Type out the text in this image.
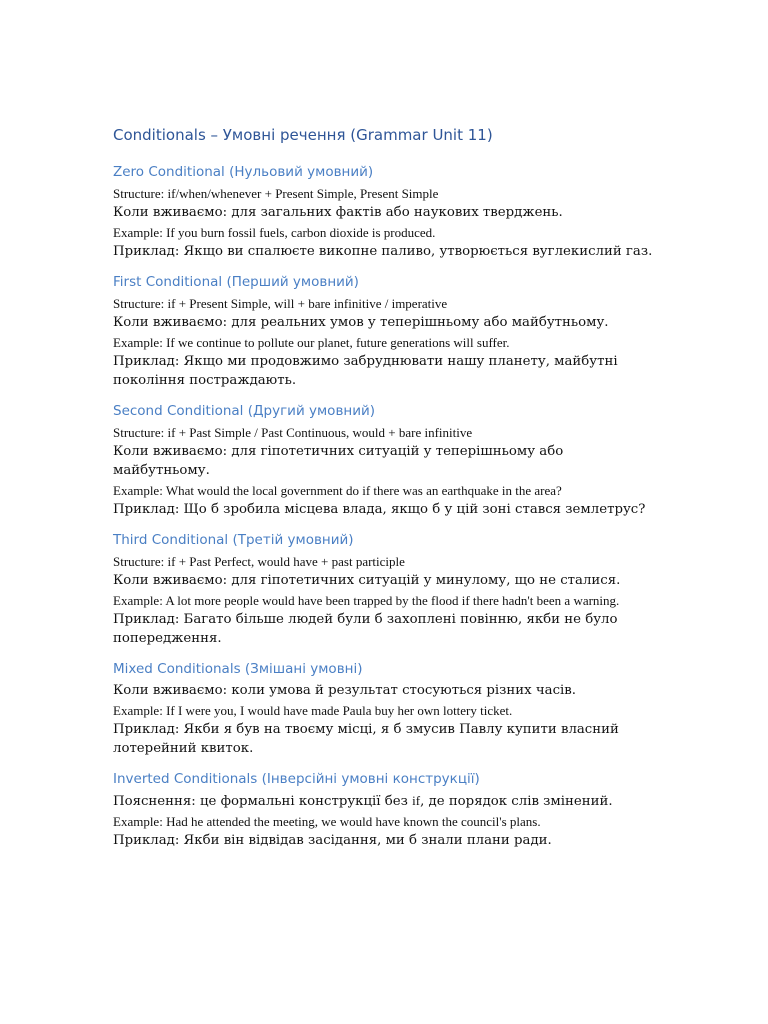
Conditionals – Умовні речення (Grammar Unit 11)
Zero Conditional (Нульовий умовний)

Structure: if/when/whenever + Present Simple, Present Simple

Коли вживаємо: для загальних фактів або наукових тверджень.

Example: If you burn fossil fuels, carbon dioxide is produced.

Приклад: Якщо ви спалюєте викопне паливо, утворюється вуглекислий газ.

First Conditional (Перший умовний)

Structure: if + Present Simple, will + bare infinitive / imperative

Коли вживаємо: для реальних умов у теперішньому або майбутньому.

Example: If we continue to pollute our planet, future generations will suffer.

Приклад: Якщо ми продовжимо забруднювати нашу планету, майбутні покоління постраждають.

Second Conditional (Другий умовний)

Structure: if + Past Simple / Past Continuous, would + bare infinitive

Коли вживаємо: для гіпотетичних ситуацій у теперішньому або майбутньому.

Example: What would the local government do if there was an earthquake in the area?

Приклад: Що б зробила місцева влада, якщо б у цій зоні стався землетрус?

Third Conditional (Третій умовний)

Structure: if + Past Perfect, would have + past participle

Коли вживаємо: для гіпотетичних ситуацій у минулому, що не сталися.

Example: A lot more people would have been trapped by the flood if there hadn't been a warning.

Приклад: Багато більше людей були б захоплені повінню, якби не було попередження.

Mixed Conditionals (Змішані умовні)

Коли вживаємо: коли умова й результат стосуються різних часів.

Example: If I were you, I would have made Paula buy her own lottery ticket.

Приклад: Якби я був на твоєму місці, я б змусив Павлу купити власний лотерейний квиток.

Inverted Conditionals (Інверсійні умовні конструкції)

Пояснення: це формальні конструкції без if, де порядок слів змінений.

Example: Had he attended the meeting, we would have known the council's plans.

Приклад: Якби він відвідав засідання, ми б знали плани ради.
